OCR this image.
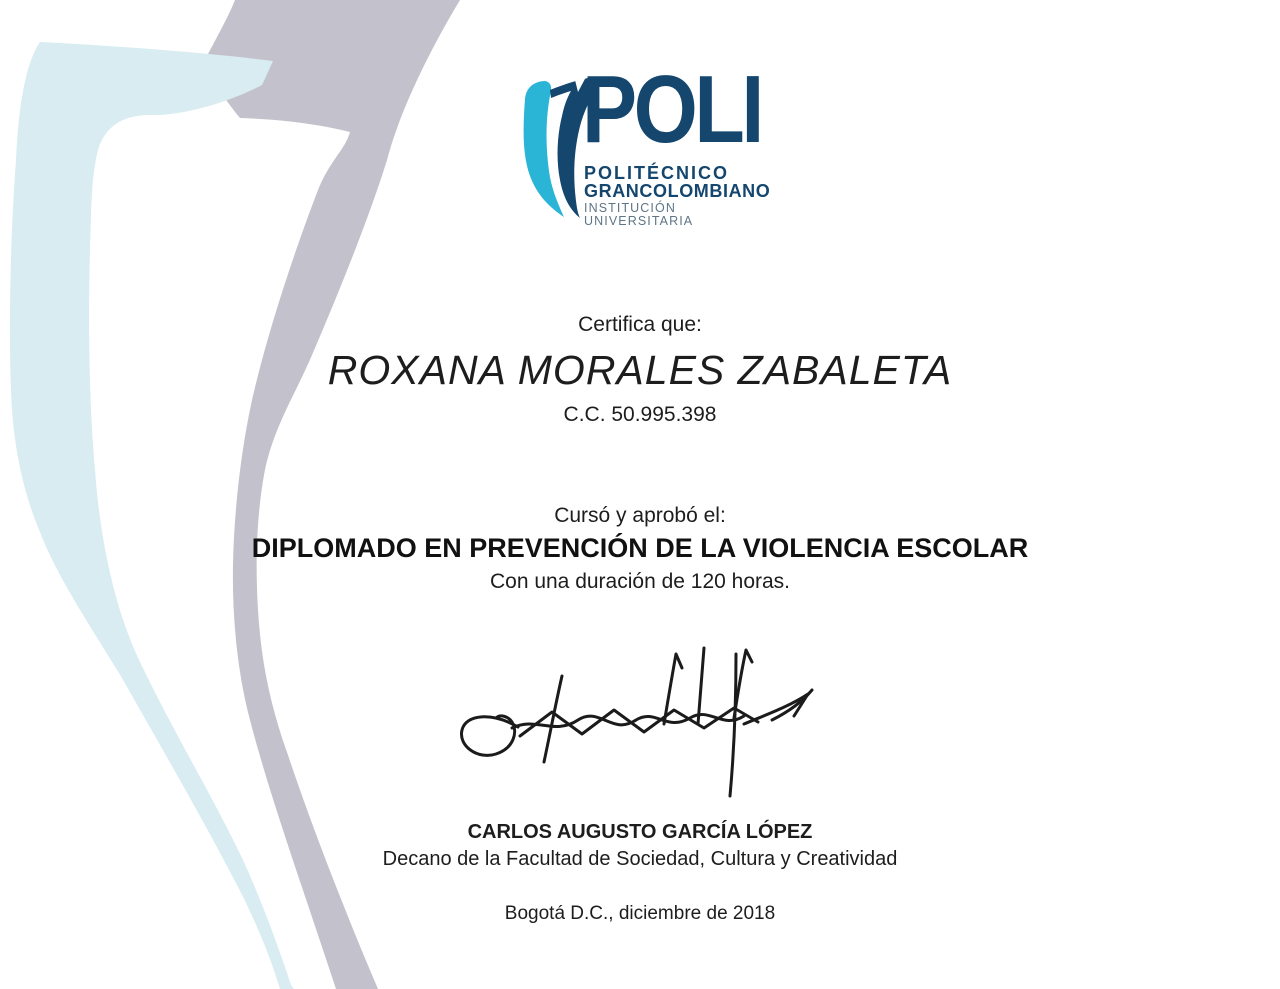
POLI
POLITÉCNICO
GRANCOLOMBIANO
INSTITUCIÓN UNIVERSITARIA
Certifica que:
ROXANA MORALES ZABALETA
C.C. 50.995.398
Cursó y aprobó el:
DIPLOMADO EN PREVENCIÓN DE LA VIOLENCIA ESCOLAR
Con una duración de 120 horas.
CARLOS AUGUSTO GARCÍA LÓPEZ
Decano de la Facultad de Sociedad, Cultura y Creatividad
Bogotá D.C., diciembre de 2018
